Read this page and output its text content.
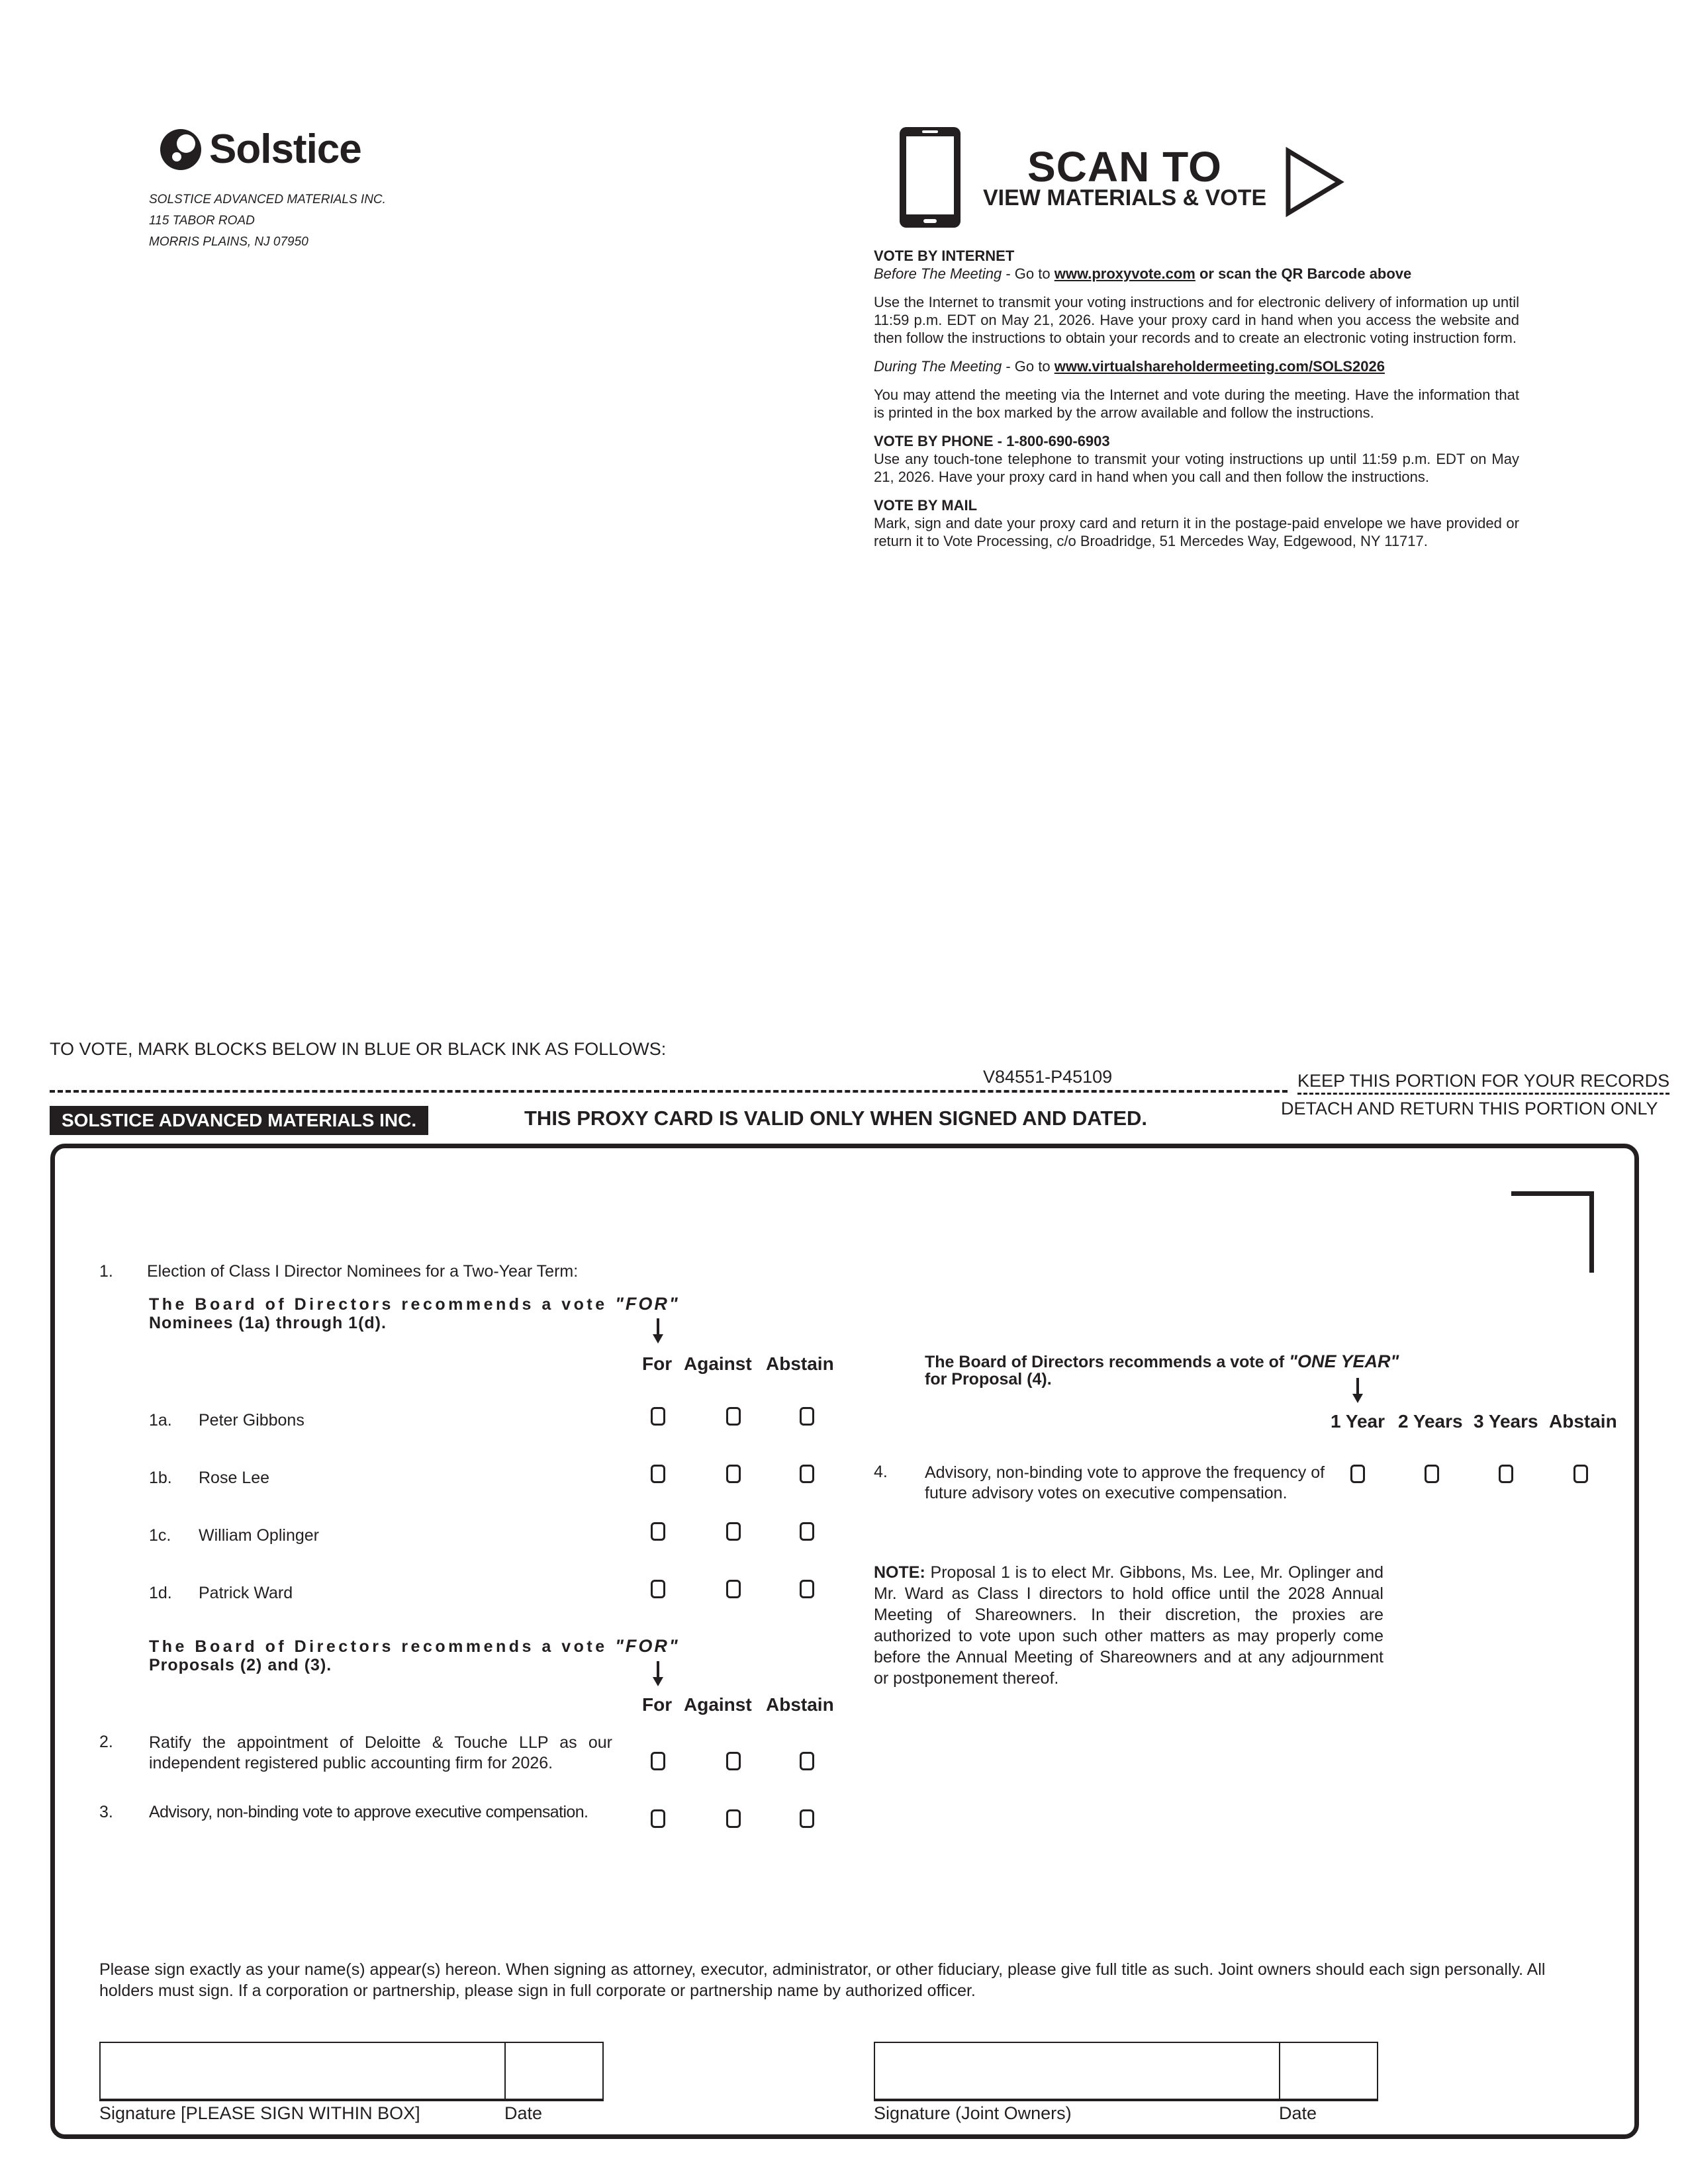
Solstice
SOLSTICE ADVANCED MATERIALS INC.
115 TABOR ROAD
MORRIS PLAINS, NJ 07950
SCAN TO
VIEW MATERIALS & VOTE

VOTE BY INTERNET
Before The Meeting - Go to www.proxyvote.com or scan the QR Barcode above

Use the Internet to transmit your voting instructions and for electronic delivery of information up until 11:59 p.m. EDT on May 21, 2026. Have your proxy card in hand when you access the website and then follow the instructions to obtain your records and to create an electronic voting instruction form.

During The Meeting - Go to www.virtualshareholdermeeting.com/SOLS2026

You may attend the meeting via the Internet and vote during the meeting. Have the information that is printed in the box marked by the arrow available and follow the instructions.

VOTE BY PHONE - 1-800-690-6903
Use any touch-tone telephone to transmit your voting instructions up until 11:59 p.m. EDT on May 21, 2026. Have your proxy card in hand when you call and then follow the instructions.

VOTE BY MAIL
Mark, sign and date your proxy card and return it in the postage-paid envelope we have provided or return it to Vote Processing, c/o Broadridge, 51 Mercedes Way, Edgewood, NY 11717.

TO VOTE, MARK BLOCKS BELOW IN BLUE OR BLACK INK AS FOLLOWS:
V84551-P45109	KEEP THIS PORTION FOR YOUR RECORDS
DETACH AND RETURN THIS PORTION ONLY
SOLSTICE ADVANCED MATERIALS INC.	THIS PROXY CARD IS VALID ONLY WHEN SIGNED AND DATED.
1. Election of Class I Director Nominees for a Two-Year Term:
The Board of Directors recommends a vote "FOR"
Nominees (1a) through 1(d).
For Against Abstain
1a. Peter Gibbons
1b. Rose Lee
1c. William Oplinger
1d. Patrick Ward
The Board of Directors recommends a vote "FOR"
Proposals (2) and (3).
For Against Abstain
2. Ratify the appointment of Deloitte & Touche LLP as our independent registered public accounting firm for 2026.
3. Advisory, non-binding vote to approve executive compensation.
The Board of Directors recommends a vote of "ONE YEAR"
for Proposal (4).
1 Year 2 Years 3 Years Abstain
4. Advisory, non-binding vote to approve the frequency of future advisory votes on executive compensation.
NOTE: Proposal 1 is to elect Mr. Gibbons, Ms. Lee, Mr. Oplinger and Mr. Ward as Class I directors to hold office until the 2028 Annual Meeting of Shareowners. In their discretion, the proxies are authorized to vote upon such other matters as may properly come before the Annual Meeting of Shareowners and at any adjournment or postponement thereof.
Please sign exactly as your name(s) appear(s) hereon. When signing as attorney, executor, administrator, or other fiduciary, please give full title as such. Joint owners should each sign personally. All holders must sign. If a corporation or partnership, please sign in full corporate or partnership name by authorized officer.
Signature [PLEASE SIGN WITHIN BOX]	Date	Signature (Joint Owners)	Date
